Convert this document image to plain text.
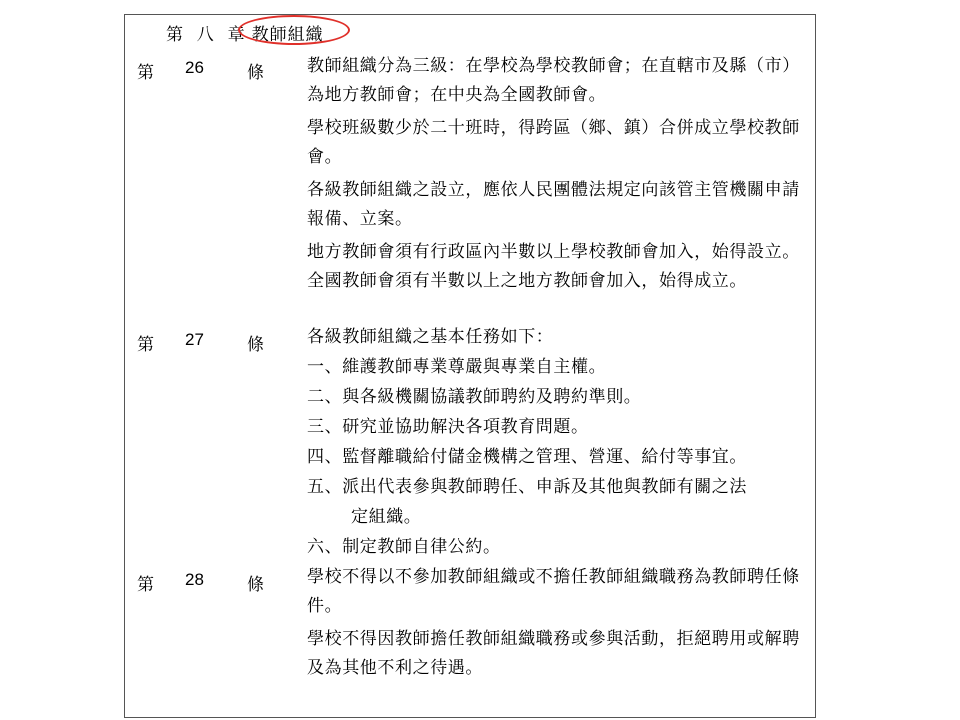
第  八  章 教師組織
第 26	條	教師組織分為三級：在學校為學校教師會；在直轄市及縣（市）為地方教師會；在中央為全國教師會。

學校班級數少於二十班時，得跨區（鄉、鎮）合併成立學校教師會。

各級教師組織之設立，應依人民團體法規定向該管主管機關申請報備、立案。

地方教師會須有行政區內半數以上學校教師會加入，始得設立。全國教師會須有半數以上之地方教師會加入，始得成立。

第 27	條	各級教師組織之基本任務如下：
一、維護教師專業尊嚴與專業自主權。
二、與各級機關協議教師聘約及聘約準則。
三、研究並協助解決各項教育問題。
四、監督離職給付儲金機構之管理、營運、給付等事宜。
五、派出代表參與教師聘任、申訴及其他與教師有關之法
定組織。
六、制定教師自律公約。
第 28	條	學校不得以不參加教師組織或不擔任教師組織職務為教師聘任條件。

學校不得因教師擔任教師組織職務或參與活動，拒絕聘用或解聘及為其他不利之待遇。
